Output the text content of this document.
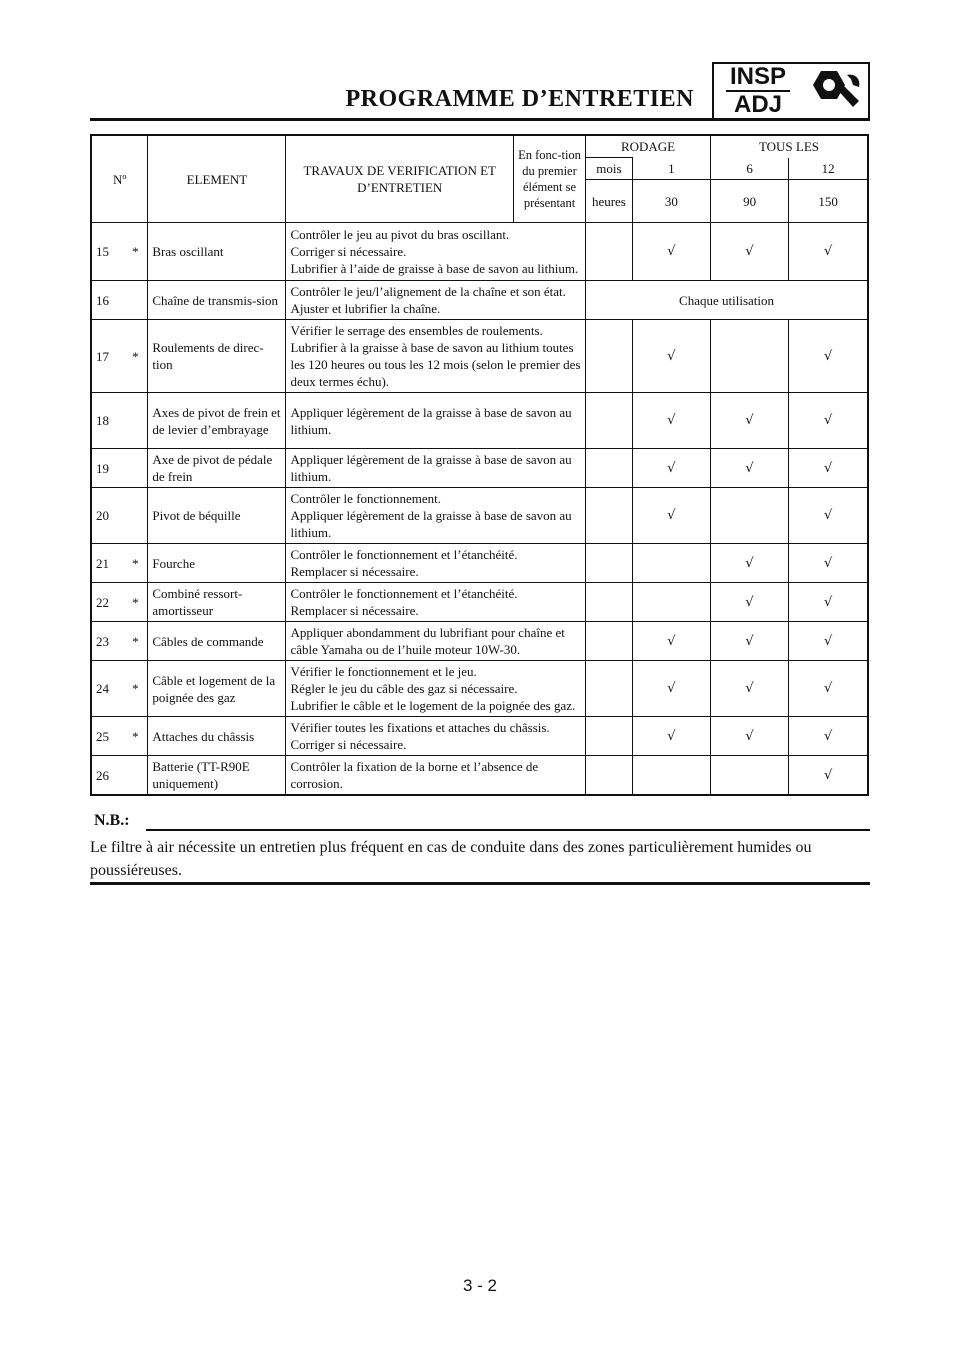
PROGRAMME D’ENTRETIEN
INSP
ADJ
Nº		ELEMENT	TRAVAUX DE VERIFICATION ET D’ENTRETIEN	En fonc-tion du premier élément se présentant	RODAGE		TOUS LES	
					mois	1	6	12
					heures	30	90	150
15	*	Bras oscillant	Contrôler le jeu au pivot du bras oscillant.
Corriger si nécessaire.
Lubrifier à l’aide de graisse à base de savon au lithium.			√	√	√
16		Chaîne de transmis-sion	Contrôler le jeu/l’alignement de la chaîne et son état.
Ajuster et lubrifier la chaîne.		Chaque utilisation			
17	*	Roulements de direc-tion	Vérifier le serrage des ensembles de roulements.
Lubrifier à la graisse à base de savon au lithium toutes les 120 heures ou tous les 12 mois (selon le premier des deux termes échu).			√		√
18		Axes de pivot de frein et de levier d’embrayage	Appliquer légèrement de la graisse à base de savon au lithium.			√	√	√
19		Axe de pivot de pédale de frein	Appliquer légèrement de la graisse à base de savon au lithium.			√	√	√
20		Pivot de béquille	Contrôler le fonctionnement.
Appliquer légèrement de la graisse à base de savon au lithium.			√		√
21	*	Fourche	Contrôler le fonctionnement et l’étanchéité.
Remplacer si nécessaire.				√	√
22	*	Combiné ressort-amortisseur	Contrôler le fonctionnement et l’étanchéité.
Remplacer si nécessaire.				√	√
23	*	Câbles de commande	Appliquer abondamment du lubrifiant pour chaîne et câble Yamaha ou de l’huile moteur 10W-30.			√	√	√
24	*	Câble et logement de la poignée des gaz	Vérifier le fonctionnement et le jeu.
Régler le jeu du câble des gaz si nécessaire.
Lubrifier le câble et le logement de la poignée des gaz.			√	√	√
25	*	Attaches du châssis	Vérifier toutes les fixations et attaches du châssis.
Corriger si nécessaire.			√	√	√
26		Batterie (TT-R90E uniquement)	Contrôler la fixation de la borne et l’absence de corrosion.					√
N.B.:
Le filtre à air nécessite un entretien plus fréquent en cas de conduite dans des zones particulièrement humides ou poussiéreuses.
3 - 2
